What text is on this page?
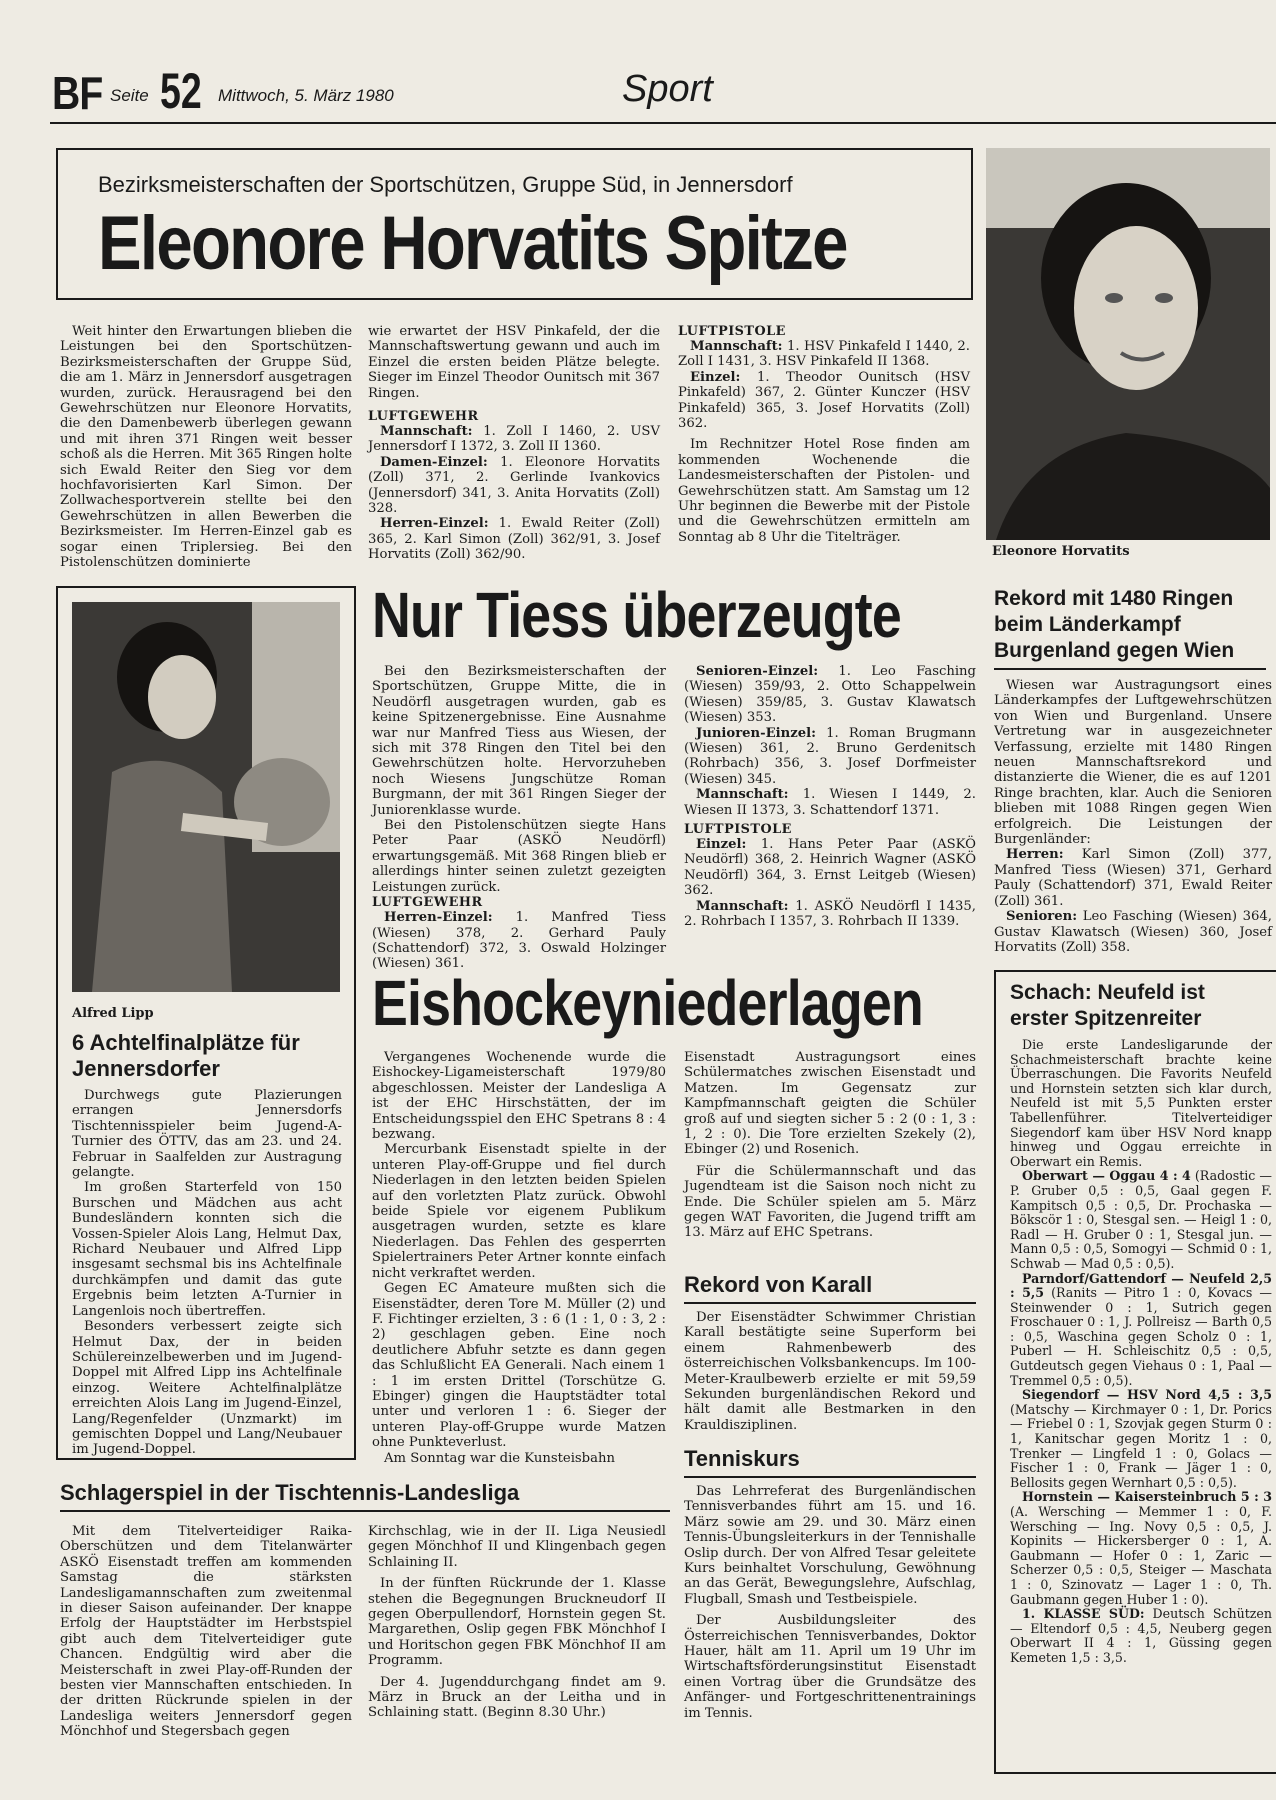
BF Seite 52 Mittwoch, 5. März 1980	Sport
Bezirksmeisterschaften der Sportschützen, Gruppe Süd, in Jennersdorf
Eleonore Horvatits Spitze
Eleonore Horvatits

Weit hinter den Erwartungen blieben die Leistungen bei den Sportschützen-Bezirksmeisterschaften der Gruppe Süd, die am 1. März in Jennersdorf ausgetragen wurden, zurück. Herausragend bei den Gewehrschützen nur Eleonore Horvatits, die den Damenbewerb überlegen gewann und mit ihren 371 Ringen weit besser schoß als die Herren. Mit 365 Ringen holte sich Ewald Reiter den Sieg vor dem hochfavorisierten Karl Simon. Der Zollwachesportverein stellte bei den Gewehrschützen in allen Bewerben die Bezirksmeister. Im Herren-Einzel gab es sogar einen Triplersieg. Bei den Pistolenschützen dominierte

wie erwartet der HSV Pinkafeld, der die Mannschaftswertung gewann und auch im Einzel die ersten beiden Plätze belegte. Sieger im Einzel Theodor Ounitsch mit 367 Ringen.

LUFTGEWEHR

Mannschaft: 1. Zoll I 1460, 2. USV Jennersdorf I 1372, 3. Zoll II 1360.

Damen-Einzel: 1. Eleonore Horvatits (Zoll) 371, 2. Gerlinde Ivankovics (Jennersdorf) 341, 3. Anita Horvatits (Zoll) 328.

Herren-Einzel: 1. Ewald Reiter (Zoll) 365, 2. Karl Simon (Zoll) 362/91, 3. Josef Horvatits (Zoll) 362/90.

LUFTPISTOLE

Mannschaft: 1. HSV Pinkafeld I 1440, 2. Zoll I 1431, 3. HSV Pinkafeld II 1368.

Einzel: 1. Theodor Ounitsch (HSV Pinkafeld) 367, 2. Günter Kunczer (HSV Pinkafeld) 365, 3. Josef Horvatits (Zoll) 362.

Im Rechnitzer Hotel Rose finden am kommenden Wochenende die Landesmeisterschaften der Pistolen- und Gewehrschützen statt. Am Samstag um 12 Uhr beginnen die Bewerbe mit der Pistole und die Gewehrschützen ermitteln am Sonntag ab 8 Uhr die Titelträger.

Alfred Lipp
6 Achtelfinalplätze für Jennersdorfer

Durchwegs gute Plazierungen errangen Jennersdorfs Tischtennisspieler beim Jugend-A-Turnier des ÖTTV, das am 23. und 24. Februar in Saalfelden zur Austragung gelangte.

Im großen Starterfeld von 150 Burschen und Mädchen aus acht Bundesländern konnten sich die Vossen-Spieler Alois Lang, Helmut Dax, Richard Neubauer und Alfred Lipp insgesamt sechsmal bis ins Achtelfinale durchkämpfen und damit das gute Ergebnis beim letzten A-Turnier in Langenlois noch übertreffen.

Besonders verbessert zeigte sich Helmut Dax, der in beiden Schülereinzelbewerben und im Jugend-Doppel mit Alfred Lipp ins Achtelfinale einzog. Weitere Achtelfinalplätze erreichten Alois Lang im Jugend-Einzel, Lang/Regenfelder (Unzmarkt) im gemischten Doppel und Lang/Neubauer im Jugend-Doppel.

Nur Tiess überzeugte

Bei den Bezirksmeisterschaften der Sportschützen, Gruppe Mitte, die in Neudörfl ausgetragen wurden, gab es keine Spitzenergebnisse. Eine Ausnahme war nur Manfred Tiess aus Wiesen, der sich mit 378 Ringen den Titel bei den Gewehrschützen holte. Hervorzuheben noch Wiesens Jungschütze Roman Burgmann, der mit 361 Ringen Sieger der Juniorenklasse wurde.

Bei den Pistolenschützen siegte Hans Peter Paar (ASKÖ Neudörfl) erwartungsgemäß. Mit 368 Ringen blieb er allerdings hinter seinen zuletzt gezeigten Leistungen zurück.

LUFTGEWEHR

Herren-Einzel: 1. Manfred Tiess (Wiesen) 378, 2. Gerhard Pauly (Schattendorf) 372, 3. Oswald Holzinger (Wiesen) 361.

Senioren-Einzel: 1. Leo Fasching (Wiesen) 359/93, 2. Otto Schappelwein (Wiesen) 359/85, 3. Gustav Klawatsch (Wiesen) 353.

Junioren-Einzel: 1. Roman Brugmann (Wiesen) 361, 2. Bruno Gerdenitsch (Rohrbach) 356, 3. Josef Dorfmeister (Wiesen) 345.

Mannschaft: 1. Wiesen I 1449, 2. Wiesen II 1373, 3. Schattendorf 1371.

LUFTPISTOLE

Einzel: 1. Hans Peter Paar (ASKÖ Neudörfl) 368, 2. Heinrich Wagner (ASKÖ Neudörfl) 364, 3. Ernst Leitgeb (Wiesen) 362.

Mannschaft: 1. ASKÖ Neudörfl I 1435, 2. Rohrbach I 1357, 3. Rohrbach II 1339.

Rekord mit 1480 Ringen beim Länderkampf Burgenland gegen Wien

Wiesen war Austragungsort eines Länderkampfes der Luftgewehrschützen von Wien und Burgenland. Unsere Vertretung war in ausgezeichneter Verfassung, erzielte mit 1480 Ringen neuen Mannschaftsrekord und distanzierte die Wiener, die es auf 1201 Ringe brachten, klar. Auch die Senioren blieben mit 1088 Ringen gegen Wien erfolgreich. Die Leistungen der Burgenländer:

Herren: Karl Simon (Zoll) 377, Manfred Tiess (Wiesen) 371, Gerhard Pauly (Schattendorf) 371, Ewald Reiter (Zoll) 361.

Senioren: Leo Fasching (Wiesen) 364, Gustav Klawatsch (Wiesen) 360, Josef Horvatits (Zoll) 358.

Eishockeyniederlagen

Vergangenes Wochenende wurde die Eishockey-Ligameisterschaft 1979/80 abgeschlossen. Meister der Landesliga A ist der EHC Hirschstätten, der im Entscheidungsspiel den EHC Spetrans 8 : 4 bezwang.

Mercurbank Eisenstadt spielte in der unteren Play-off-Gruppe und fiel durch Niederlagen in den letzten beiden Spielen auf den vorletzten Platz zurück. Obwohl beide Spiele vor eigenem Publikum ausgetragen wurden, setzte es klare Niederlagen. Das Fehlen des gesperrten Spielertrainers Peter Artner konnte einfach nicht verkraftet werden.

Gegen EC Amateure mußten sich die Eisenstädter, deren Tore M. Müller (2) und F. Fichtinger erzielten, 3 : 6 (1 : 1, 0 : 3, 2 : 2) geschlagen geben. Eine noch deutlichere Abfuhr setzte es dann gegen das Schlußlicht EA Generali. Nach einem 1 : 1 im ersten Drittel (Torschütze G. Ebinger) gingen die Hauptstädter total unter und verloren 1 : 6. Sieger der unteren Play-off-Gruppe wurde Matzen ohne Punkteverlust.

Am Sonntag war die Kunsteisbahn

Eisenstadt Austragungsort eines Schülermatches zwischen Eisenstadt und Matzen. Im Gegensatz zur Kampfmannschaft geigten die Schüler groß auf und siegten sicher 5 : 2 (0 : 1, 3 : 1, 2 : 0). Die Tore erzielten Szekely (2), Ebinger (2) und Rosenich.

Für die Schülermannschaft und das Jugendteam ist die Saison noch nicht zu Ende. Die Schüler spielen am 5. März gegen WAT Favoriten, die Jugend trifft am 13. März auf EHC Spetrans.

Rekord von Karall

Der Eisenstädter Schwimmer Christian Karall bestätigte seine Superform bei einem Rahmenbewerb des österreichischen Volksbankencups. Im 100-Meter-Kraulbewerb erzielte er mit 59,59 Sekunden burgenländischen Rekord und hält damit alle Bestmarken in den Krauldisziplinen.

Tenniskurs

Das Lehrreferat des Burgenländischen Tennisverbandes führt am 15. und 16. März sowie am 29. und 30. März einen Tennis-Übungsleiterkurs in der Tennishalle Oslip durch. Der von Alfred Tesar geleitete Kurs beinhaltet Vorschulung, Gewöhnung an das Gerät, Bewegungslehre, Aufschlag, Flugball, Smash und Testbeispiele.

Der Ausbildungsleiter des Österreichischen Tennisverbandes, Doktor Hauer, hält am 11. April um 19 Uhr im Wirtschaftsförderungsinstitut Eisenstadt einen Vortrag über die Grundsätze des Anfänger- und Fortgeschrittenentrainings im Tennis.

Schlagerspiel in der Tischtennis-Landesliga

Mit dem Titelverteidiger Raika-Oberschützen und dem Titelanwärter ASKÖ Eisenstadt treffen am kommenden Samstag die stärksten Landesligamannschaften zum zweitenmal in dieser Saison aufeinander. Der knappe Erfolg der Hauptstädter im Herbstspiel gibt auch dem Titelverteidiger gute Chancen. Endgültig wird aber die Meisterschaft in zwei Play-off-Runden der besten vier Mannschaften entschieden. In der dritten Rückrunde spielen in der Landesliga weiters Jennersdorf gegen Mönchhof und Stegersbach gegen

Kirchschlag, wie in der II. Liga Neusiedl gegen Mönchhof II und Klingenbach gegen Schlaining II.

In der fünften Rückrunde der 1. Klasse stehen die Begegnungen Bruckneudorf II gegen Oberpullendorf, Hornstein gegen St. Margarethen, Oslip gegen FBK Mönchhof I und Horitschon gegen FBK Mönchhof II am Programm.

Der 4. Jugenddurchgang findet am 9. März in Bruck an der Leitha und in Schlaining statt. (Beginn 8.30 Uhr.)

Schach: Neufeld ist erster Spitzenreiter

Die erste Landesligarunde der Schachmeisterschaft brachte keine Überraschungen. Die Favorits Neufeld und Hornstein setzten sich klar durch, Neufeld ist mit 5,5 Punkten erster Tabellenführer. Titelverteidiger Siegendorf kam über HSV Nord knapp hinweg und Oggau erreichte in Oberwart ein Remis.

Oberwart — Oggau 4 : 4 (Radostic — P. Gruber 0,5 : 0,5, Gaal gegen F. Kampitsch 0,5 : 0,5, Dr. Prochaska — Bökscör 1 : 0, Stesgal sen. — Heigl 1 : 0, Radl — H. Gruber 0 : 1, Stesgal jun. — Mann 0,5 : 0,5, Somogyi — Schmid 0 : 1, Schwab — Mad 0,5 : 0,5).

Parndorf/Gattendorf — Neufeld 2,5 : 5,5 (Ranits — Pitro 1 : 0, Kovacs — Steinwender 0 : 1, Sutrich gegen Froschauer 0 : 1, J. Pollreisz — Barth 0,5 : 0,5, Waschina gegen Scholz 0 : 1, Puberl — H. Schleischitz 0,5 : 0,5, Gutdeutsch gegen Viehaus 0 : 1, Paal — Tremmel 0,5 : 0,5).

Siegendorf — HSV Nord 4,5 : 3,5 (Matschy — Kirchmayer 0 : 1, Dr. Porics — Friebel 0 : 1, Szovjak gegen Sturm 0 : 1, Kanitschar gegen Moritz 1 : 0, Trenker — Lingfeld 1 : 0, Golacs — Fischer 1 : 0, Frank — Jäger 1 : 0, Bellosits gegen Wernhart 0,5 : 0,5).

Hornstein — Kaisersteinbruch 5 : 3 (A. Wersching — Memmer 1 : 0, F. Wersching — Ing. Novy 0,5 : 0,5, J. Kopinits — Hickersberger 0 : 1, A. Gaubmann — Hofer 0 : 1, Zaric — Scherzer 0,5 : 0,5, Steiger — Maschata 1 : 0, Szinovatz — Lager 1 : 0, Th. Gaubmann gegen Huber 1 : 0).

1. KLASSE SÜD: Deutsch Schützen — Eltendorf 0,5 : 4,5, Neuberg gegen Oberwart II 4 : 1, Güssing gegen Kemeten 1,5 : 3,5.
